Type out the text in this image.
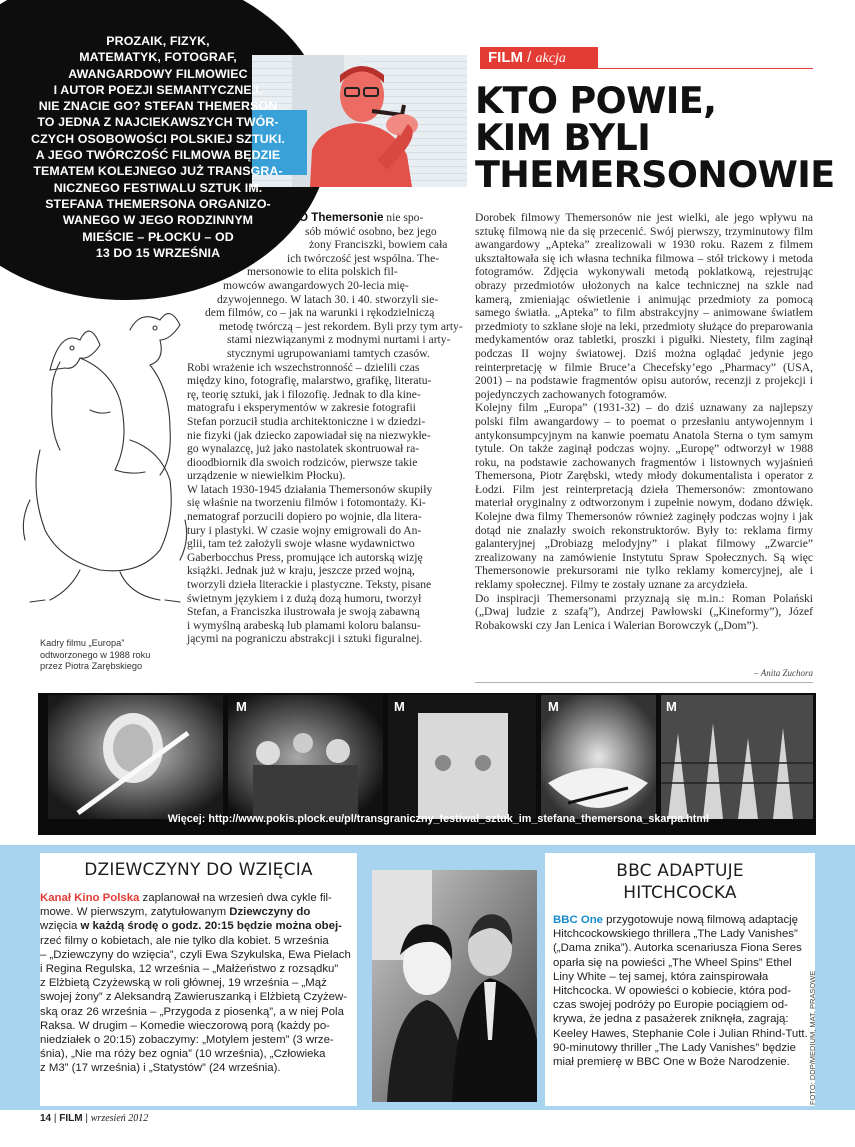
PROZAIK, FIZYK,
MATEMATYK, FOTOGRAF,
AWANGARDOWY FILMOWIEC
I AUTOR POEZJI SEMANTYCZNEJ.
NIE ZNACIE GO? STEFAN THEMERSON
TO JEDNA Z NAJCIEKAWSZYCH TWÓR-
CZYCH OSOBOWOŚCI POLSKIEJ SZTUKI.
A JEGO TWÓRCZOŚĆ FILMOWA BĘDZIE
TEMATEM KOLEJNEGO JUŻ TRANSGRA-
NICZNEGO FESTIWALU SZTUK IM.
STEFANA THEMERSONA ORGANIZO-
WANEGO W JEGO RODZINNYM
MIEŚCIE – PŁOCKU – OD
13 DO 15 WRZEŚNIA
FILM / akcja
KTO POWIE,
KIM BYLI
THEMERSONOWIE
O Themersonie nie spo-
sób mówić osobno, bez jego
żony Franciszki, bowiem cała
ich twórczość jest wspólna. The-
mersonowie to elita polskich fil-
mowców awangardowych 20-lecia mię-
dzywojennego. W latach 30. i 40. stworzyli sie-
dem filmów, co – jak na warunki i rękodzielniczą
metodę twórczą – jest rekordem. Byli przy tym arty-
stami niezwiązanymi z modnymi nurtami i arty-
stycznymi ugrupowaniami tamtych czasów.
Robi wrażenie ich wszechstronność – dzielili czas
między kino, fotografię, malarstwo, grafikę, literatu-
rę, teorię sztuki, jak i filozofię. Jednak to dla kine-
matografu i eksperymentów w zakresie fotografii
Stefan porzucił studia architektoniczne i w dziedzi-
nie fizyki (jak dziecko zapowiadał się na niezwykłe-
go wynalazcę, już jako nastolatek skontruował ra-
dioodbiornik dla swoich rodziców, pierwsze takie
urządzenie w niewielkim Płocku).
W latach 1930-1945 działania Themersonów skupiły
się właśnie na tworzeniu filmów i fotomontaży. Ki-
nematograf porzucili dopiero po wojnie, dla litera-
tury i plastyki. W czasie wojny emigrowali do An-
glii, tam też założyli swoje własne wydawnictwo
Gaberbocchus Press, promujące ich autorską wizję
książki. Jednak już w kraju, jeszcze przed wojną,
tworzyli dzieła literackie i plastyczne. Teksty, pisane
świetnym językiem i z dużą dozą humoru, tworzył
Stefan, a Franciszka ilustrowała je swoją zabawną
i wymyślną arabeską lub plamami koloru balansu-
jącymi na pograniczu abstrakcji i sztuki figuralnej.

Dorobek filmowy Themersonów nie jest wielki, ale jego wpływu na sztukę filmową nie da się przecenić. Swój pierwszy, trzyminutowy film awangardowy „Apteka” zrealizowali w 1930 roku. Razem z filmem ukształtowała się ich własna technika filmowa – stół trickowy i metoda fotogramów. Zdjęcia wykonywali metodą poklatkową, rejestrując obrazy przedmiotów ułożonych na kalce technicznej na szkle nad kamerą, zmieniając oświetlenie i animując przedmioty za pomocą samego światła. „Apteka” to film abstrakcyjny – animowane światłem przedmioty to szklane słoje na leki, przedmioty służące do preparowania medykamentów oraz tabletki, proszki i pigułki. Niestety, film zaginął podczas II wojny światowej. Dziś można oglądać jedynie jego reinterpretację w filmie Bruce’a Checefsky’ego „Pharmacy” (USA, 2001) – na podstawie fragmentów opisu autorów, recenzji z projekcji i pojedynczych zachowanych fotogramów.

Kolejny film „Europa” (1931-32) – do dziś uznawany za najlepszy polski film awangardowy – to poemat o przesłaniu antywojennym i antykonsumpcyjnym na kanwie poematu Anatola Sterna o tym samym tytule. On także zaginął podczas wojny. „Europę” odtworzył w 1988 roku, na podstawie zachowanych fragmentów i listownych wyjaśnień Themersona, Piotr Zarębski, wtedy młody dokumentalista i operator z Łodzi. Film jest reinterpretacją dzieła Themersonów: zmontowano materiał oryginalny z odtworzonym i zupełnie nowym, dodano dźwięk. Kolejne dwa filmy Themersonów również zaginęły podczas wojny i jak dotąd nie znalazły swoich rekonstruktorów. Były to: reklama firmy galanteryjnej „Drobiazg melodyjny” i plakat filmowy „Zwarcie” zrealizowany na zamówienie Instytutu Spraw Społecznych. Są więc Themersonowie prekursorami nie tylko reklamy komercyjnej, ale i reklamy społecznej. Filmy te zostały uznane za arcydzieła.

Do inspiracji Themersonami przyznają się m.in.: Roman Polański („Dwaj ludzie z szafą”), Andrzej Pawłowski („Kineformy”), Józef Robakowski czy Jan Lenica i Walerian Borowczyk („Dom”).

– Anita Zuchora
Kadry filmu „Europa”
odtworzonego w 1988 roku
przez Piotra Zarębskiego
M	M	M	M
Więcej: http://www.pokis.plock.eu/pl/transgraniczny_festiwal_sztuk_im_stefana_themersona_skarpa.html
DZIEWCZYNY DO WZIĘCIA
Kanał Kino Polska zaplanował na wrzesień dwa cykle fil-
mowe. W pierwszym, zatytułowanym Dziewczyny do
wzięcia w każdą środę o godz. 20:15 będzie można obej-
rzeć filmy o kobietach, ale nie tylko dla kobiet. 5 września
– „Dziewczyny do wzięcia”, czyli Ewa Szykulska, Ewa Pielach
i Regina Regulska, 12 września – „Małżeństwo z rozsądku”
z Elżbietą Czyżewską w roli głównej, 19 września – „Mąż
swojej żony” z Aleksandrą Zawieruszanką i Elżbietą Czyżew-
ską oraz 26 września – „Przygoda z piosenką”, a w niej Pola
Raksa. W drugim – Komedie wieczorową porą (każdy po-
niedziałek o 20:15) zobaczymy: „Motylem jestem” (3 wrze-
śnia), „Nie ma róży bez ognia” (10 września), „Człowieka
z M3” (17 września) i „Statystów” (24 września).
BBC ADAPTUJE
HITCHCOCKA
BBC One przygotowuje nową filmową adaptację
Hitchcockowskiego thrillera „The Lady Vanishes”
(„Dama znika”). Autorka scenariusza Fiona Seres
oparła się na powieści „The Wheel Spins” Ethel
Liny White – tej samej, która zainspirowała
Hitchcocka. W opowieści o kobiecie, która pod-
czas swojej podróży po Europie pociągiem od-
krywa, że jedna z pasażerek zniknęła, zagrają:
Keeley Hawes, Stephanie Cole i Julian Rhind-Tutt.
90-minutowy thriller „The Lady Vanishes” będzie
miał premierę w BBC One w Boże Narodzenie.	FOTO: DDP/MEDIUM, MAT. PRASOWE
14 | FILM | wrzesień 2012
